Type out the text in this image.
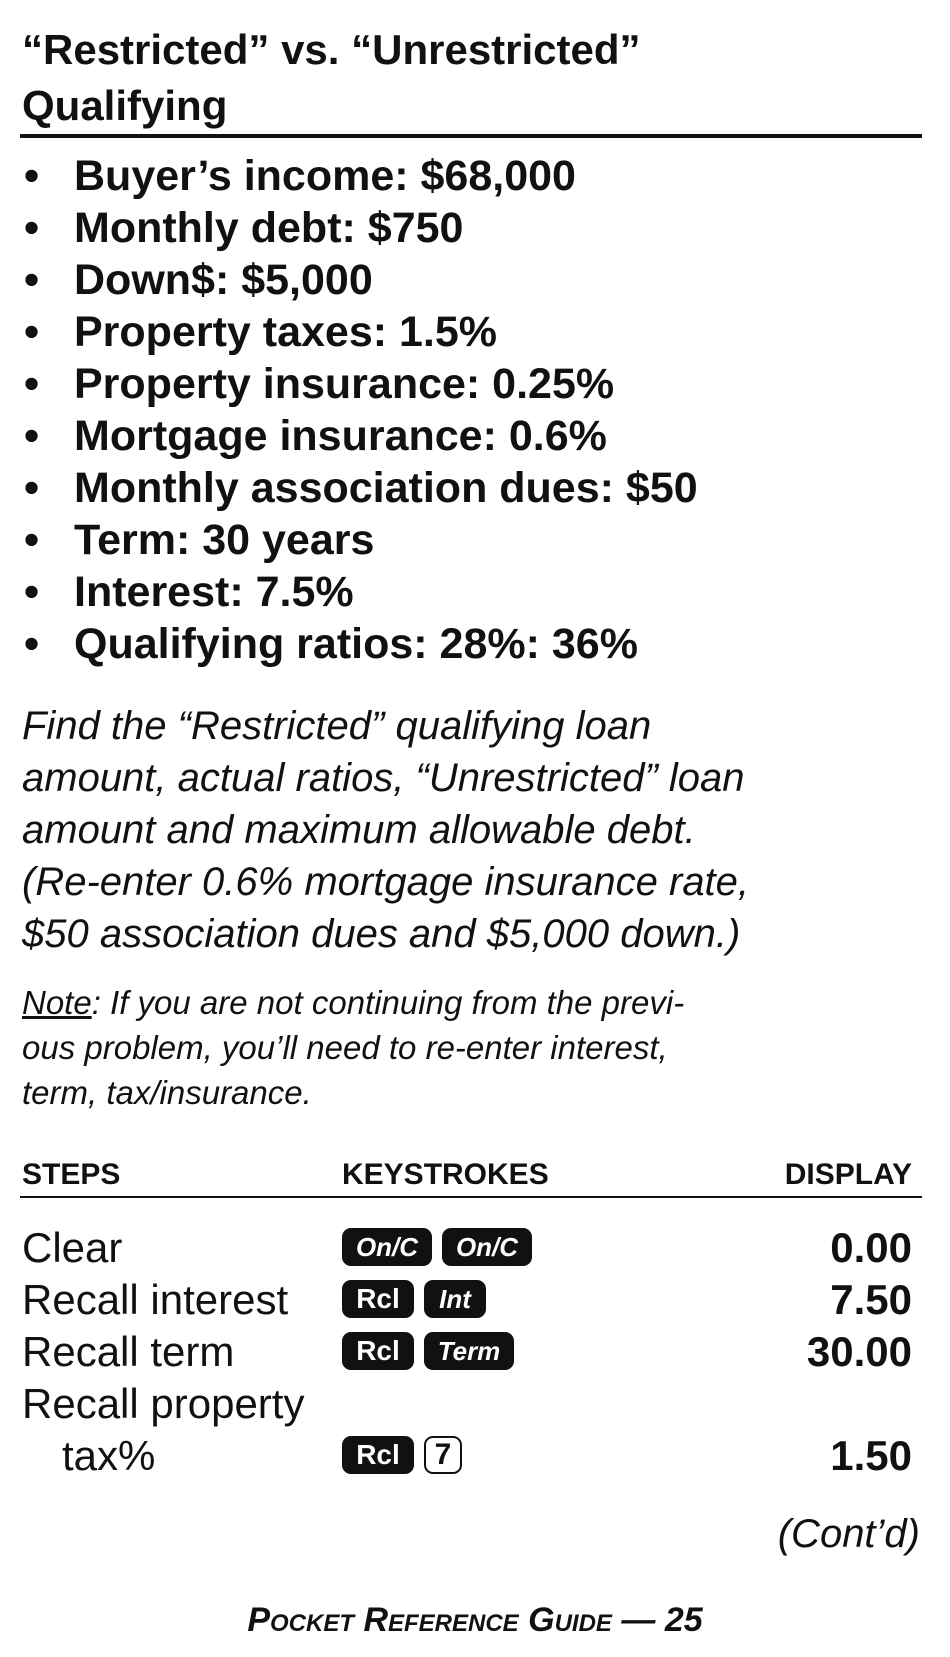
“Restricted” vs. “Unrestricted”
Qualifying
• Buyer’s income: $68,000
• Monthly debt: $750
• Down$: $5,000
• Property taxes: 1.5%
• Property insurance: 0.25%
• Mortgage insurance: 0.6%
• Monthly association dues: $50
• Term: 30 years
• Interest: 7.5%
• Qualifying ratios: 28%: 36%
Find the “Restricted” qualifying loan
amount, actual ratios, “Unrestricted” loan
amount and maximum allowable debt.
(Re-enter 0.6% mortgage insurance rate,
$50 association dues and $5,000 down.)
Note: If you are not continuing from the previ-
ous problem, you’ll need to re-enter interest,
term, tax/insurance.
STEPS	KEYSTROKES	DISPLAY
Clear	On/C	On/C	0.00
Recall interest	Rcl	Int	7.50
Recall term	Rcl	Term	30.00
Recall property
tax%	Rcl	7	1.50
(Cont’d)
Pocket Reference Guide — 25
